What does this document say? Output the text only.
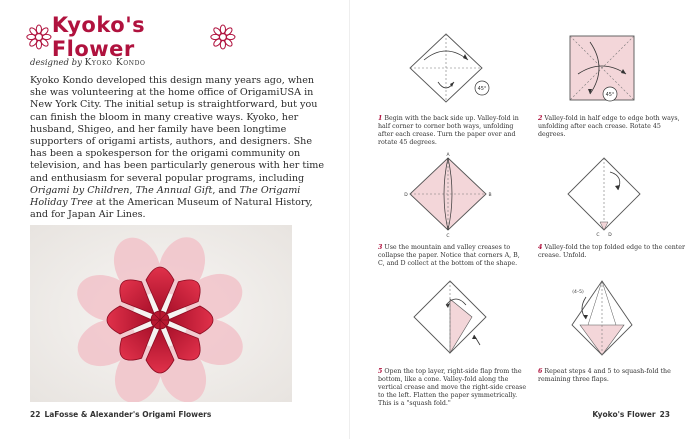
Kyoko's Flower
designed by Kyoko Kondo
Kyoko Kondo developed this design many years ago, when she was volunteering at the home office of OrigamiUSA in New York City. The initial setup is straightforward, but you can finish the bloom in many creative ways. Kyoko, her husband, Shigeo, and her family have been longtime supporters of origami artists, authors, and designers. She has been a spokesperson for the origami community on television, and has been particularly generous with her time and enthusiasm for several popular programs, including Origami by Children, The Annual Gift, and The Origami Holiday Tree at the American Museum of Natural History, and for Japan Air Lines.
22 LaFosse & Alexander's Origami Flowers
45°
1 Begin with the back side up. Valley-fold in half corner to corner both ways, unfolding after each crease. Turn the paper over and rotate 45 degrees.
45°
2 Valley-fold in half edge to edge both ways, unfolding after each crease. Rotate 45 degrees.
A
B
C
D
3 Use the mountain and valley creases to collapse the paper. Notice that corners A, B, C, and D collect at the bottom of the shape.
C D
4 Valley-fold the top folded edge to the center crease. Unfold.
5 Open the top layer, right-side flap from the bottom, like a cone. Valley-fold along the vertical crease and move the right-side crease to the left. Flatten the paper symmetrically. This is a "squash fold."
(4–5)
6 Repeat steps 4 and 5 to squash-fold the remaining three flaps.
Kyoko's Flower 23
